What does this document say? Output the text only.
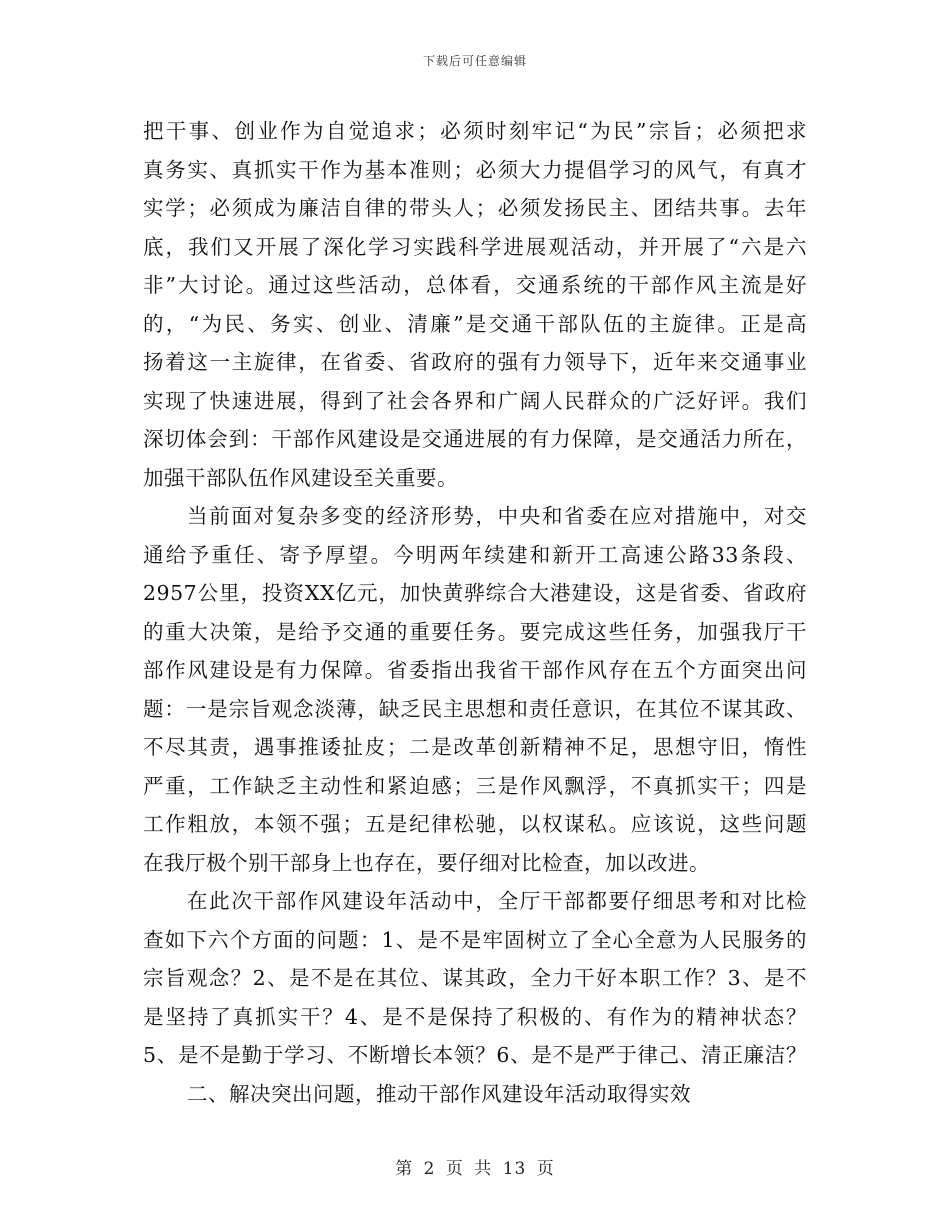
下载后可任意编辑
把干事、创业作为自觉追求；必须时刻牢记“为民”宗旨；必须把求
真务实、真抓实干作为基本准则；必须大力提倡学习的风气，有真才
实学；必须成为廉洁自律的带头人；必须发扬民主、团结共事。去年
底，我们又开展了深化学习实践科学进展观活动，并开展了“六是六
非”大讨论。通过这些活动，总体看，交通系统的干部作风主流是好
的，“为民、务实、创业、清廉”是交通干部队伍的主旋律。正是高
扬着这一主旋律，在省委、省政府的强有力领导下，近年来交通事业
实现了快速进展，得到了社会各界和广阔人民群众的广泛好评。我们
深切体会到：干部作风建设是交通进展的有力保障，是交通活力所在，
加强干部队伍作风建设至关重要。
当前面对复杂多变的经济形势，中央和省委在应对措施中，对交
通给予重任、寄予厚望。今明两年续建和新开工高速公路33条段、
2957公里，投资XX亿元，加快黄骅综合大港建设，这是省委、省政府
的重大决策，是给予交通的重要任务。要完成这些任务，加强我厅干
部作风建设是有力保障。省委指出我省干部作风存在五个方面突出问
题：一是宗旨观念淡薄，缺乏民主思想和责任意识，在其位不谋其政、
不尽其责，遇事推诿扯皮；二是改革创新精神不足，思想守旧，惰性
严重，工作缺乏主动性和紧迫感；三是作风飘浮，不真抓实干；四是
工作粗放，本领不强；五是纪律松驰，以权谋私。应该说，这些问题
在我厅极个别干部身上也存在，要仔细对比检查，加以改进。
在此次干部作风建设年活动中，全厅干部都要仔细思考和对比检
查如下六个方面的问题：1、是不是牢固树立了全心全意为人民服务的
宗旨观念？2、是不是在其位、谋其政，全力干好本职工作？3、是不
是坚持了真抓实干？4、是不是保持了积极的、有作为的精神状态？
5、是不是勤于学习、不断增长本领？6、是不是严于律己、清正廉洁？
二、解决突出问题，推动干部作风建设年活动取得实效
第 2 页 共 13 页
